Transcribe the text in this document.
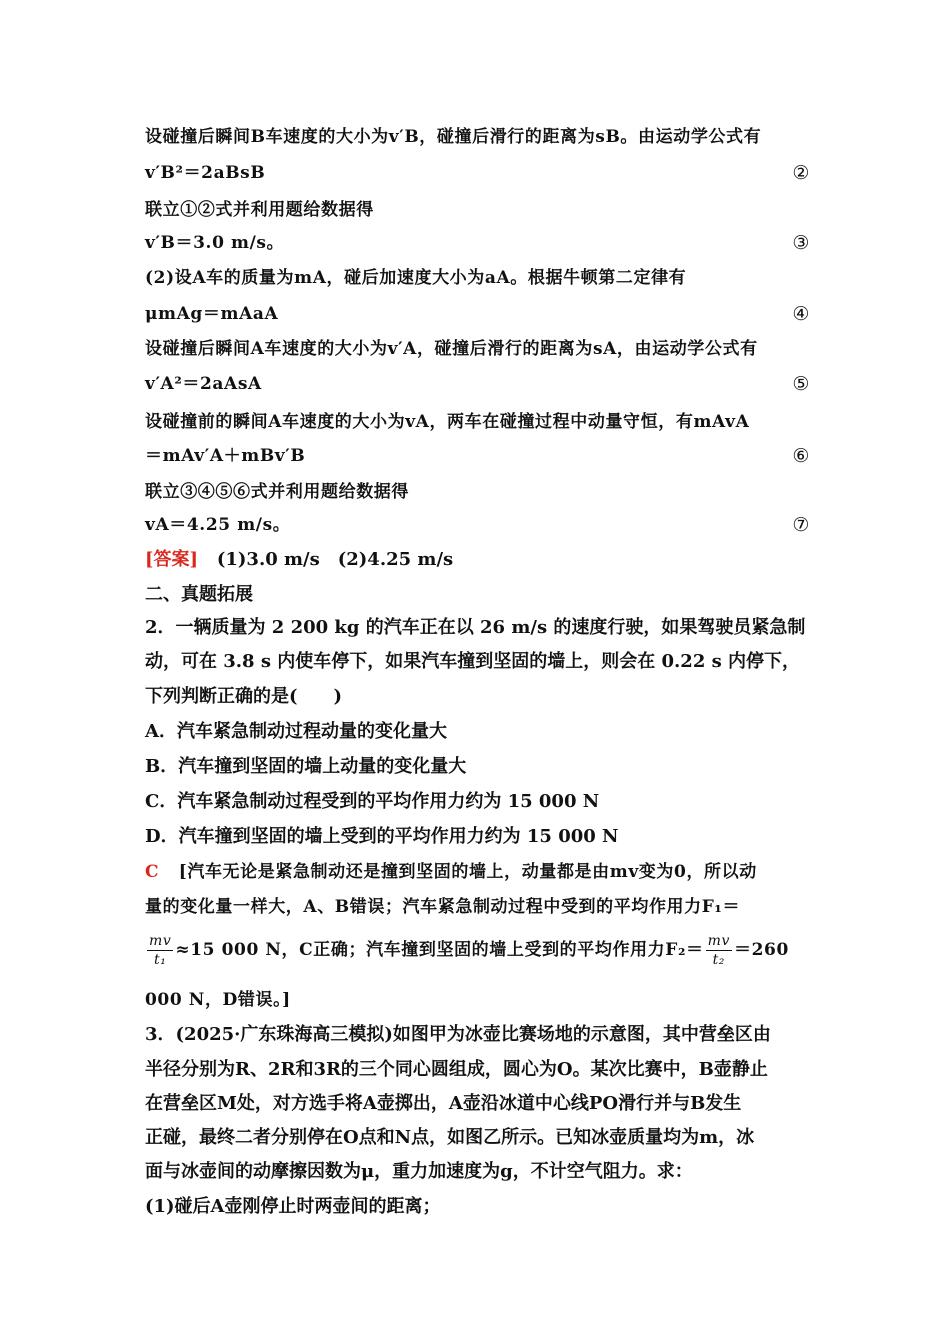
设碰撞后瞬间B车速度的大小为v′B，碰撞后滑行的距离为sB。由运动学公式有
v′B²＝2aBsB	②
联立①②式并利用题给数据得
v′B＝3.0 m/s。	③
(2)设A车的质量为mA，碰后加速度大小为aA。根据牛顿第二定律有
μmAg＝mAaA	④
设碰撞后瞬间A车速度的大小为v′A，碰撞后滑行的距离为sA，由运动学公式有
v′A²＝2aAsA	⑤
设碰撞前的瞬间A车速度的大小为vA，两车在碰撞过程中动量守恒，有mAvA
＝mAv′A＋mBv′B	⑥
联立③④⑤⑥式并利用题给数据得
vA＝4.25 m/s。	⑦
[答案] (1)3.0 m/s　(2)4.25 m/s
二、真题拓展
2．一辆质量为 2 200 kg 的汽车正在以 26 m/s 的速度行驶，如果驾驶员紧急制
动，可在 3.8 s 内使车停下，如果汽车撞到坚固的墙上，则会在 0.22 s 内停下，
下列判断正确的是(　　)
A．汽车紧急制动过程动量的变化量大
B．汽车撞到坚固的墙上动量的变化量大
C．汽车紧急制动过程受到的平均作用力约为 15 000 N
D．汽车撞到坚固的墙上受到的平均作用力约为 15 000 N
C [汽车无论是紧急制动还是撞到坚固的墙上，动量都是由mv变为0，所以动
量的变化量一样大，A、B错误；汽车紧急制动过程中受到的平均作用力F₁＝
$\frac{mv}{\text{t₁}} \approx 15$ 000 N，C正确；汽车撞到坚固的墙上受到的平均作用力$F_2= \frac{mv}{\text{t₂}} =260$
000 N，D错误。]
3．(2025·广东珠海高三模拟)如图甲为冰壶比赛场地的示意图，其中营垒区由
半径分别为R、2R和3R的三个同心圆组成，圆心为O。某次比赛中，B壶静止
在营垒区M处，对方选手将A壶掷出，A壶沿冰道中心线PO滑行并与B发生
正碰，最终二者分别停在O点和N点，如图乙所示。已知冰壶质量均为m，冰
面与冰壶间的动摩擦因数为μ，重力加速度为g，不计空气阻力。求：
(1)碰后A壶刚停止时两壶间的距离；
